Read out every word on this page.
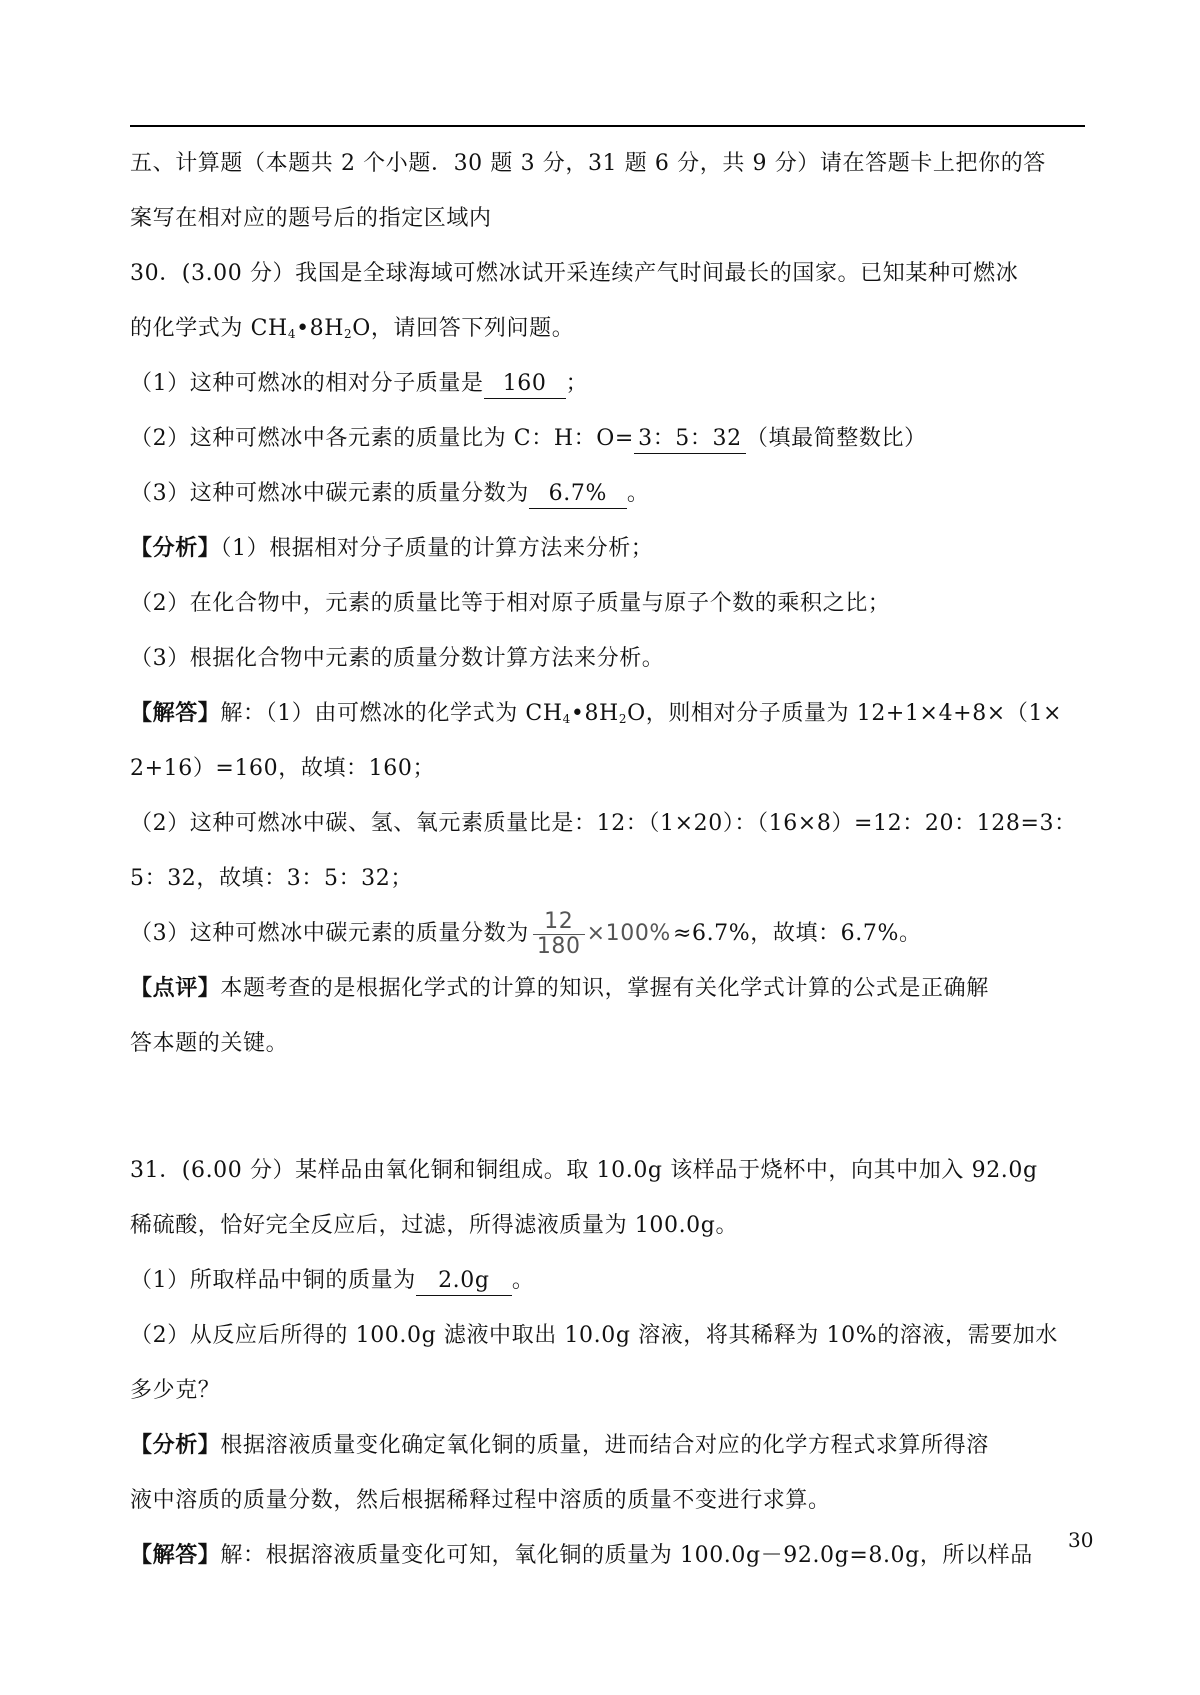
五、计算题（本题共 2 个小题．30 题 3 分，31 题 6 分，共 9 分）请在答题卡上把你的答
案写在相对应的题号后的指定区域内
30．(3.00 分）我国是全球海域可燃冰试开采连续产气时间最长的国家。已知某种可燃冰
的化学式为 $CH_4•8H_2O$，请回答下列问题。
（1）这种可燃冰的相对分子质量是 160 ；
（2）这种可燃冰中各元素的质量比为 C：H：O= 3：5：32 （填最简整数比）
（3）这种可燃冰中碳元素的质量分数为 6.7% 。
【分析】（1）根据相对分子质量的计算方法来分析；
（2）在化合物中，元素的质量比等于相对原子质量与原子个数的乘积之比；
（3）根据化合物中元素的质量分数计算方法来分析。
【解答】解：（1）由可燃冰的化学式为 $CH_4•8H_2O$，则相对分子质量为 12+1×4+8×（1×
2+16）=160，故填：160；
（2）这种可燃冰中碳、氢、氧元素质量比是：12：（1×20）：（16×8）=12：20：128=3：
5：32，故填：3：5：32；
（3）这种可燃冰中碳元素的质量分数为 $\frac{12}{180} \times 100\%\approx 6.7\%$，故填：6.7%。
【点评】本题考查的是根据化学式的计算的知识，掌握有关化学式计算的公式是正确解
答本题的关键。
31．(6.00 分）某样品由氧化铜和铜组成。取 10.0g 该样品于烧杯中，向其中加入 92.0g
稀硫酸，恰好完全反应后，过滤，所得滤液质量为 100.0g。
（1）所取样品中铜的质量为 2.0g 。
（2）从反应后所得的 100.0g 滤液中取出 10.0g 溶液，将其稀释为 10%的溶液，需要加水
多少克？
【分析】根据溶液质量变化确定氧化铜的质量，进而结合对应的化学方程式求算所得溶
液中溶质的质量分数，然后根据稀释过程中溶质的质量不变进行求算。
【解答】解：根据溶液质量变化可知，氧化铜的质量为 100.0g－92.0g=8.0g，所以样品
30
